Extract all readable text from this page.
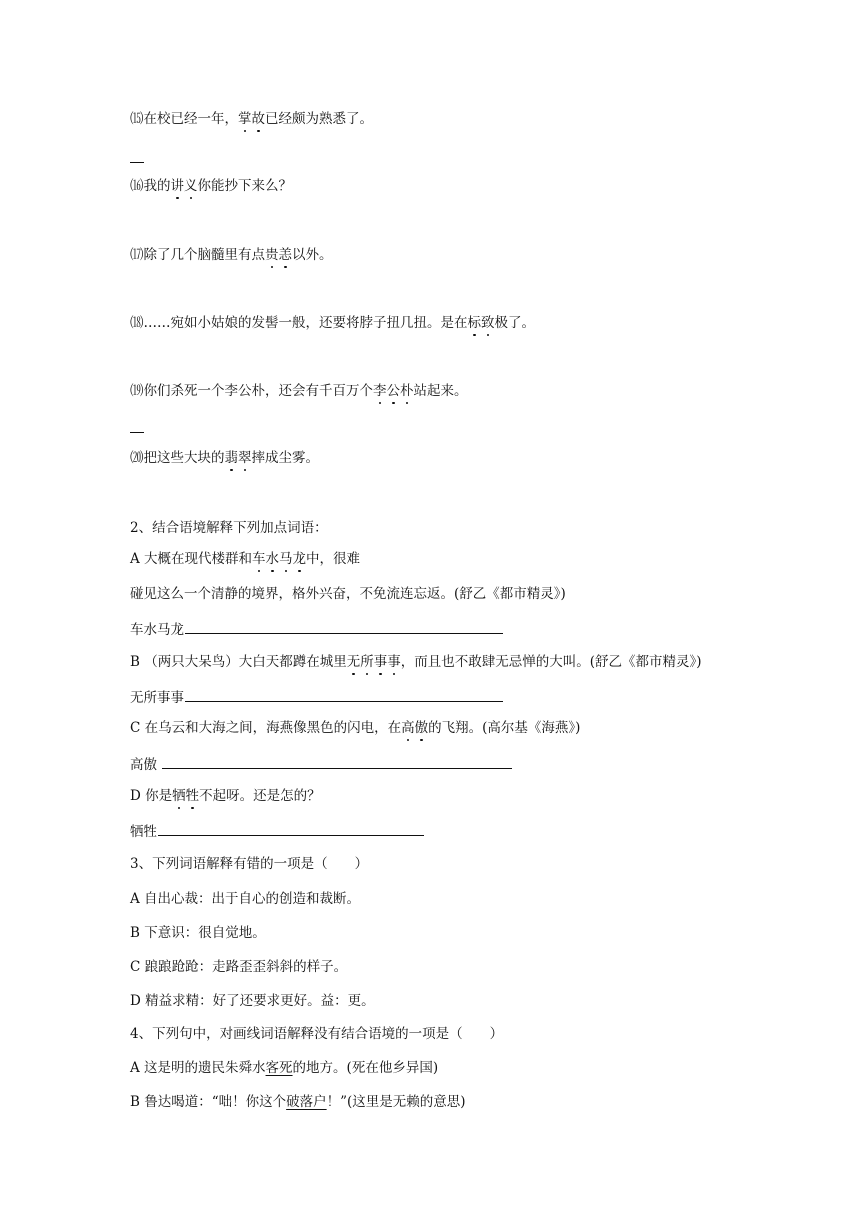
⒂在校已经一年，掌故已经颇为熟悉了。
⒃我的讲义你能抄下来么？
⒄除了几个脑髓里有点贵恙以外。
⒅……宛如小姑娘的发髻一般，还要将脖子扭几扭。是在标致极了。
⒆你们杀死一个李公朴，还会有千百万个李公朴站起来。
⒇把这些大块的翡翠摔成尘雾。
2、结合语境解释下列加点词语：
A 大概在现代楼群和车水马龙中，很难
碰见这么一个清静的境界，格外兴奋，不免流连忘返。(舒乙《都市精灵》)
车水马龙
B （两只大呆鸟）大白天都蹲在城里无所事事，而且也不敢肆无忌惮的大叫。(舒乙《都市精灵》)
无所事事
C 在乌云和大海之间，海燕像黑色的闪电，在高傲的飞翔。(高尔基《海燕》)
高傲
D 你是牺牲不起呀。还是怎的？
牺牲
3、下列词语解释有错的一项是（　　）
A 自出心裁：出于自心的创造和裁断。
B 下意识：很自觉地。
C 踉踉跄跄：走路歪歪斜斜的样子。
D 精益求精：好了还要求更好。益：更。
4、下列句中，对画线词语解释没有结合语境的一项是（　　）
A 这是明的遗民朱舜水客死的地方。(死在他乡异国)
B 鲁达喝道：“咄！你这个破落户！”(这里是无赖的意思)
